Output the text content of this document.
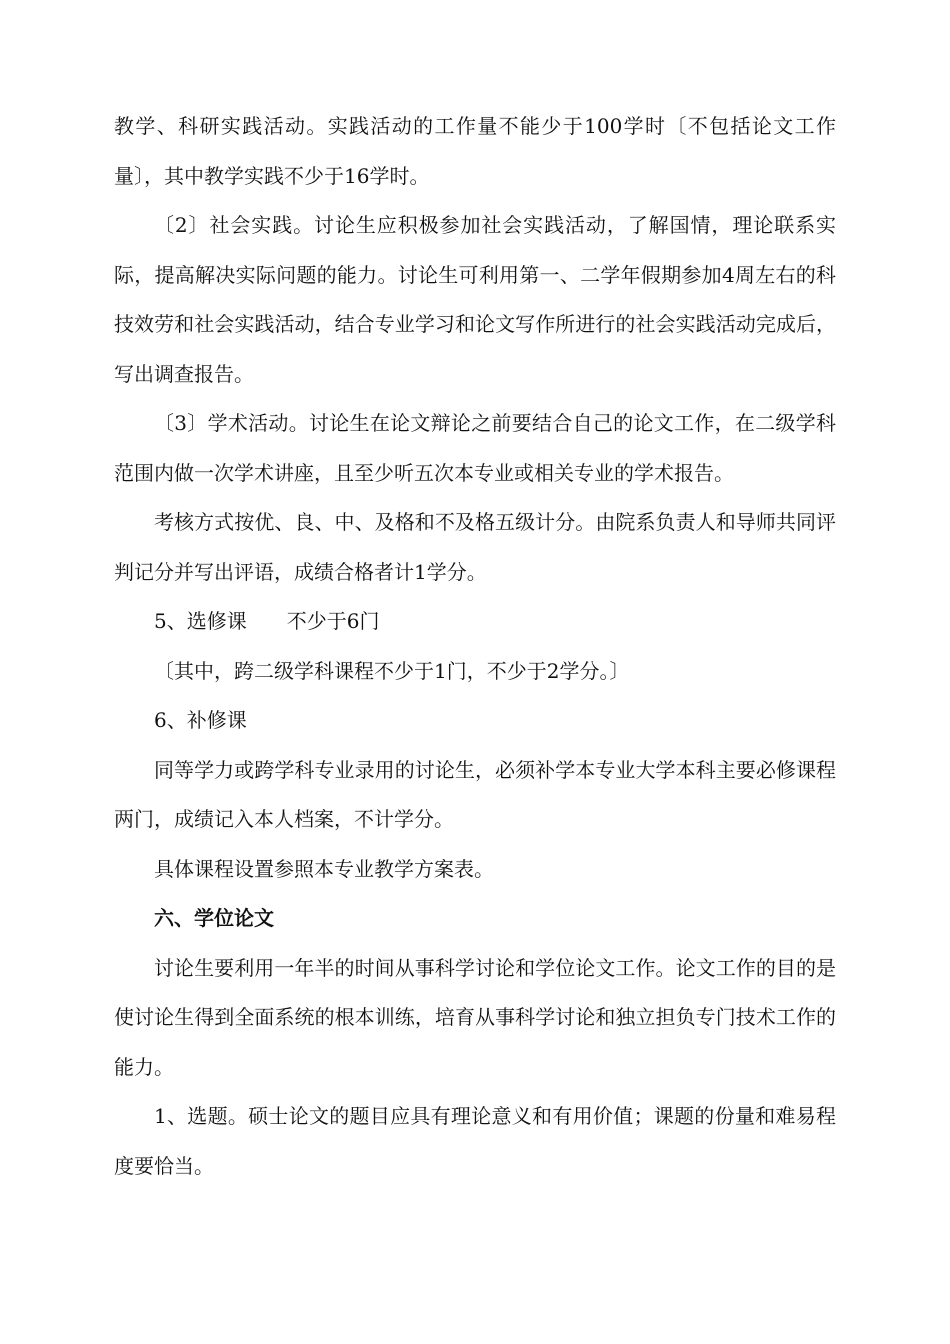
教学、科研实践活动。实践活动的工作量不能少于100学时〔不包括论文工作量〕，其中教学实践不少于16学时。

〔2〕社会实践。讨论生应积极参加社会实践活动，了解国情，理论联系实际，提高解决实际问题的能力。讨论生可利用第一、二学年假期参加4周左右的科技效劳和社会实践活动，结合专业学习和论文写作所进行的社会实践活动完成后，写出调查报告。

〔3〕学术活动。讨论生在论文辩论之前要结合自己的论文工作，在二级学科范围内做一次学术讲座，且至少听五次本专业或相关专业的学术报告。

考核方式按优、良、中、及格和不及格五级计分。由院系负责人和导师共同评判记分并写出评语，成绩合格者计1学分。

5、选修课　　不少于6门

〔其中，跨二级学科课程不少于1门，不少于2学分。〕

6、补修课

同等学力或跨学科专业录用的讨论生，必须补学本专业大学本科主要必修课程两门，成绩记入本人档案，不计学分。

具体课程设置参照本专业教学方案表。

六、学位论文

讨论生要利用一年半的时间从事科学讨论和学位论文工作。论文工作的目的是使讨论生得到全面系统的根本训练，培育从事科学讨论和独立担负专门技术工作的能力。

1、选题。硕士论文的题目应具有理论意义和有用价值；课题的份量和难易程度要恰当。
